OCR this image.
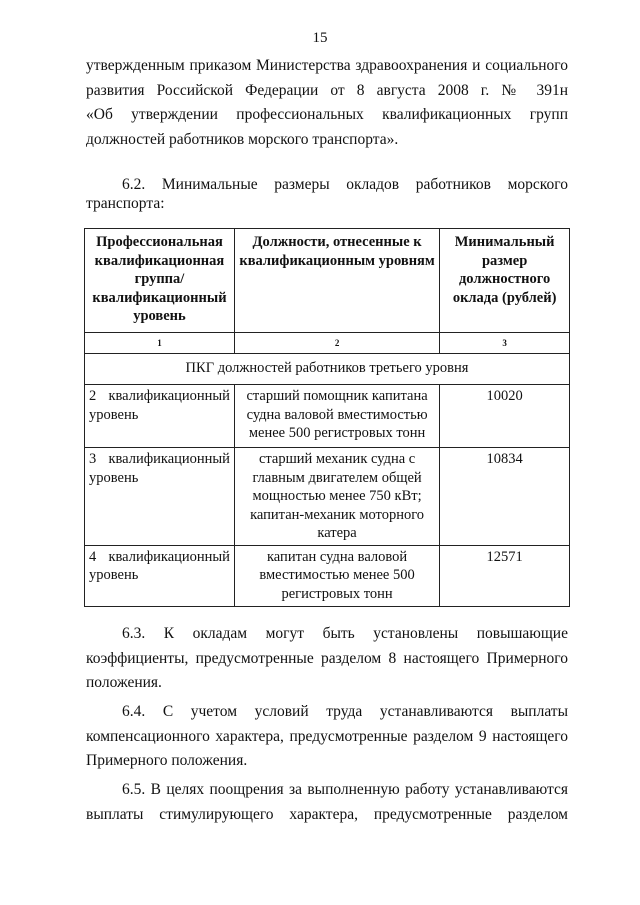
15
утвержденным приказом Министерства здравоохранения и социального
развития Российской Федерации от 8 августа 2008 г. № 391н
«Об утверждении профессиональных квалификационных групп
должностей работников морского транспорта».
6.2. Минимальные размеры окладов работников морского
транспорта:
Профессиональная квалификационная группа/ квалификационный уровень	Должности, отнесенные к квалификационным уровням	Минимальный размер должностного оклада (рублей)
1	2	3
ПКГ должностей работников третьего уровня		

2 квалификационный
уровень	старший помощник капитана судна валовой вместимостью менее 500 регистровых тонн	10020

3 квалификационный
уровень	старший механик судна с главным двигателем общей мощностью менее 750 кВт; капитан-механик моторного катера	10834

4 квалификационный
уровень	капитан судна валовой вместимостью менее 500 регистровых тонн	12571
6.3. К окладам могут быть установлены повышающие
коэффициенты, предусмотренные разделом 8 настоящего Примерного
положения.
6.4. С учетом условий труда устанавливаются выплаты
компенсационного характера, предусмотренные разделом 9 настоящего
Примерного положения.
6.5. В целях поощрения за выполненную работу устанавливаются
выплаты стимулирующего характера, предусмотренные разделом
